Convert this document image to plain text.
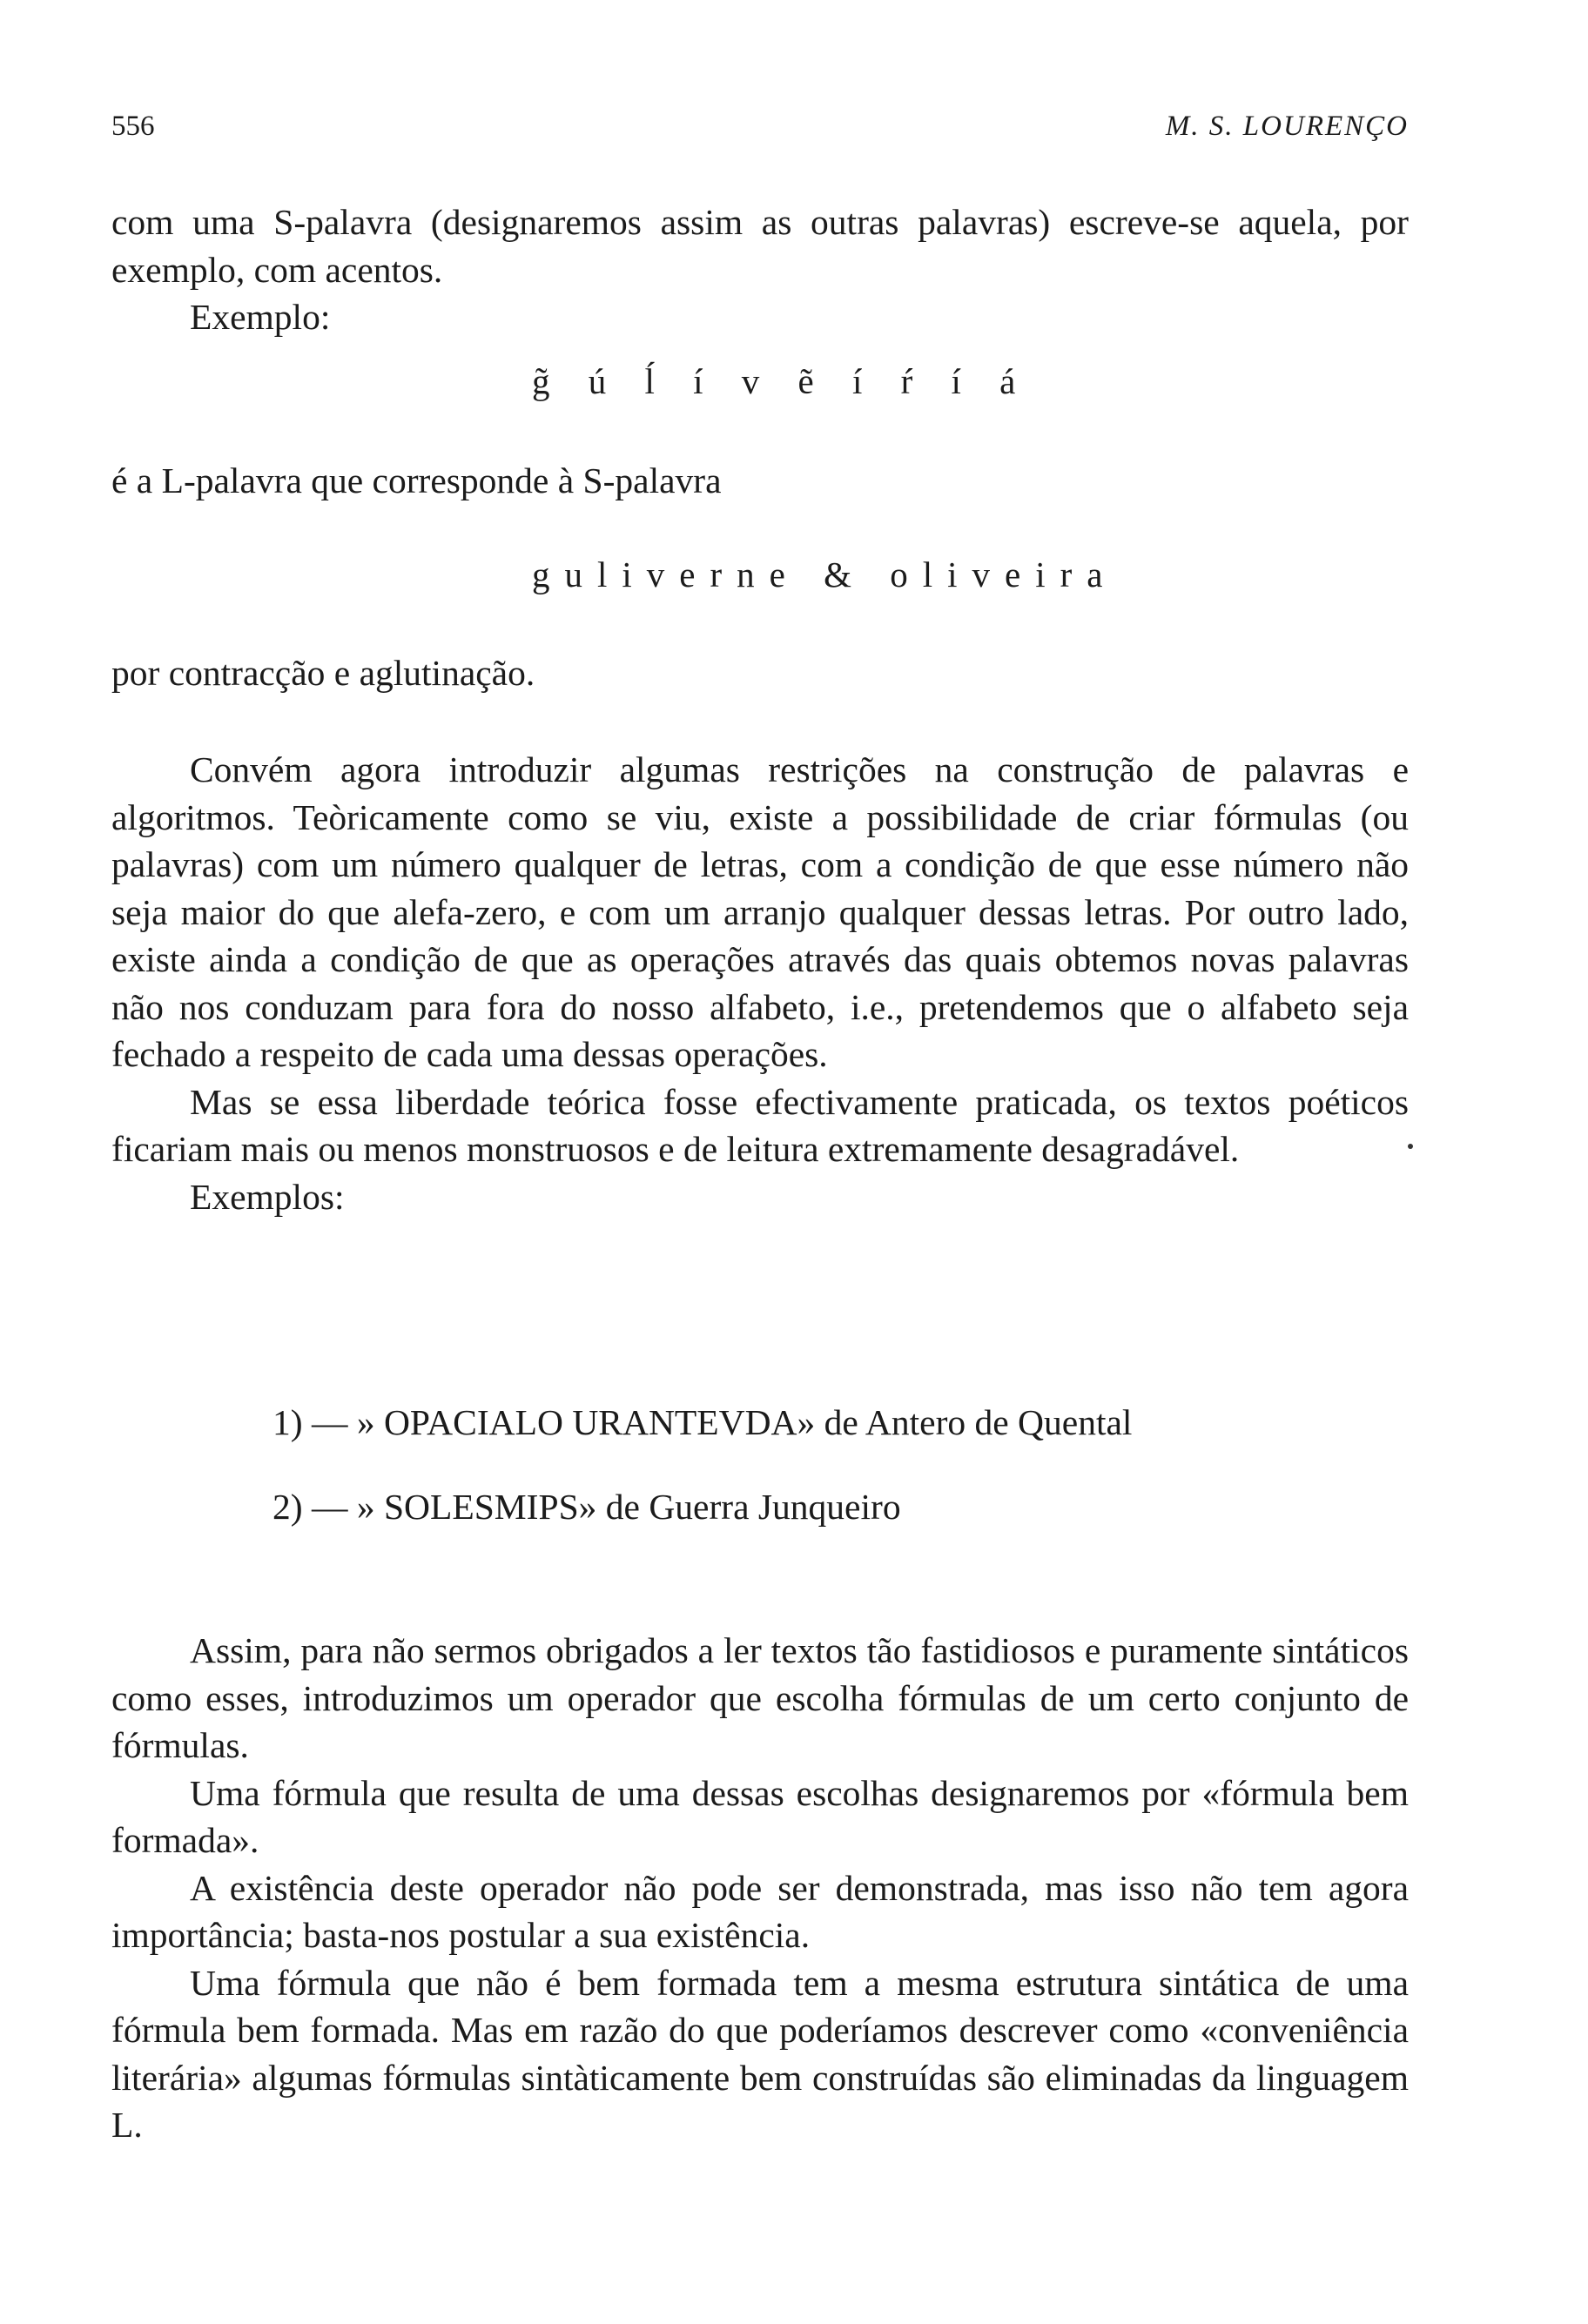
556	M. S. LOURENÇO

com uma S-palavra (designaremos assim as outras palavras) escreve-se aquela, por exemplo, com acentos.

Exemplo:

g̃ ú ĺ í v ẽ í ŕ í á

é a L-palavra que corresponde à S-palavra

guliverne & oliveira

por contracção e aglutinação.

Convém agora introduzir algumas restrições na construção de palavras e algoritmos. Teòricamente como se viu, existe a possibilidade de criar fórmulas (ou palavras) com um número qualquer de letras, com a condição de que esse número não seja maior do que alefa-zero, e com um arranjo qualquer dessas letras. Por outro lado, existe ainda a condição de que as operações através das quais obtemos novas palavras não nos conduzam para fora do nosso alfabeto, i.e., pretendemos que o alfabeto seja fechado a respeito de cada uma dessas operações.

Mas se essa liberdade teórica fosse efectivamente praticada, os textos poéticos ficariam mais ou menos monstruosos e de leitura extremamente desagradável.

Exemplos:

1) — » OPACIALO URANTEVDA» de Antero de Quental
2) — » SOLESMIPS» de Guerra Junqueiro

Assim, para não sermos obrigados a ler textos tão fastidiosos e puramente sintáticos como esses, introduzimos um operador que escolha fórmulas de um certo conjunto de fórmulas.

Uma fórmula que resulta de uma dessas escolhas designaremos por «fórmula bem formada».

A existência deste operador não pode ser demonstrada, mas isso não tem agora importância; basta-nos postular a sua existência.

Uma fórmula que não é bem formada tem a mesma estrutura sintática de uma fórmula bem formada. Mas em razão do que poderíamos descrever como «conveniência literária» algumas fórmulas sintàticamente bem construídas são eliminadas da linguagem L.
